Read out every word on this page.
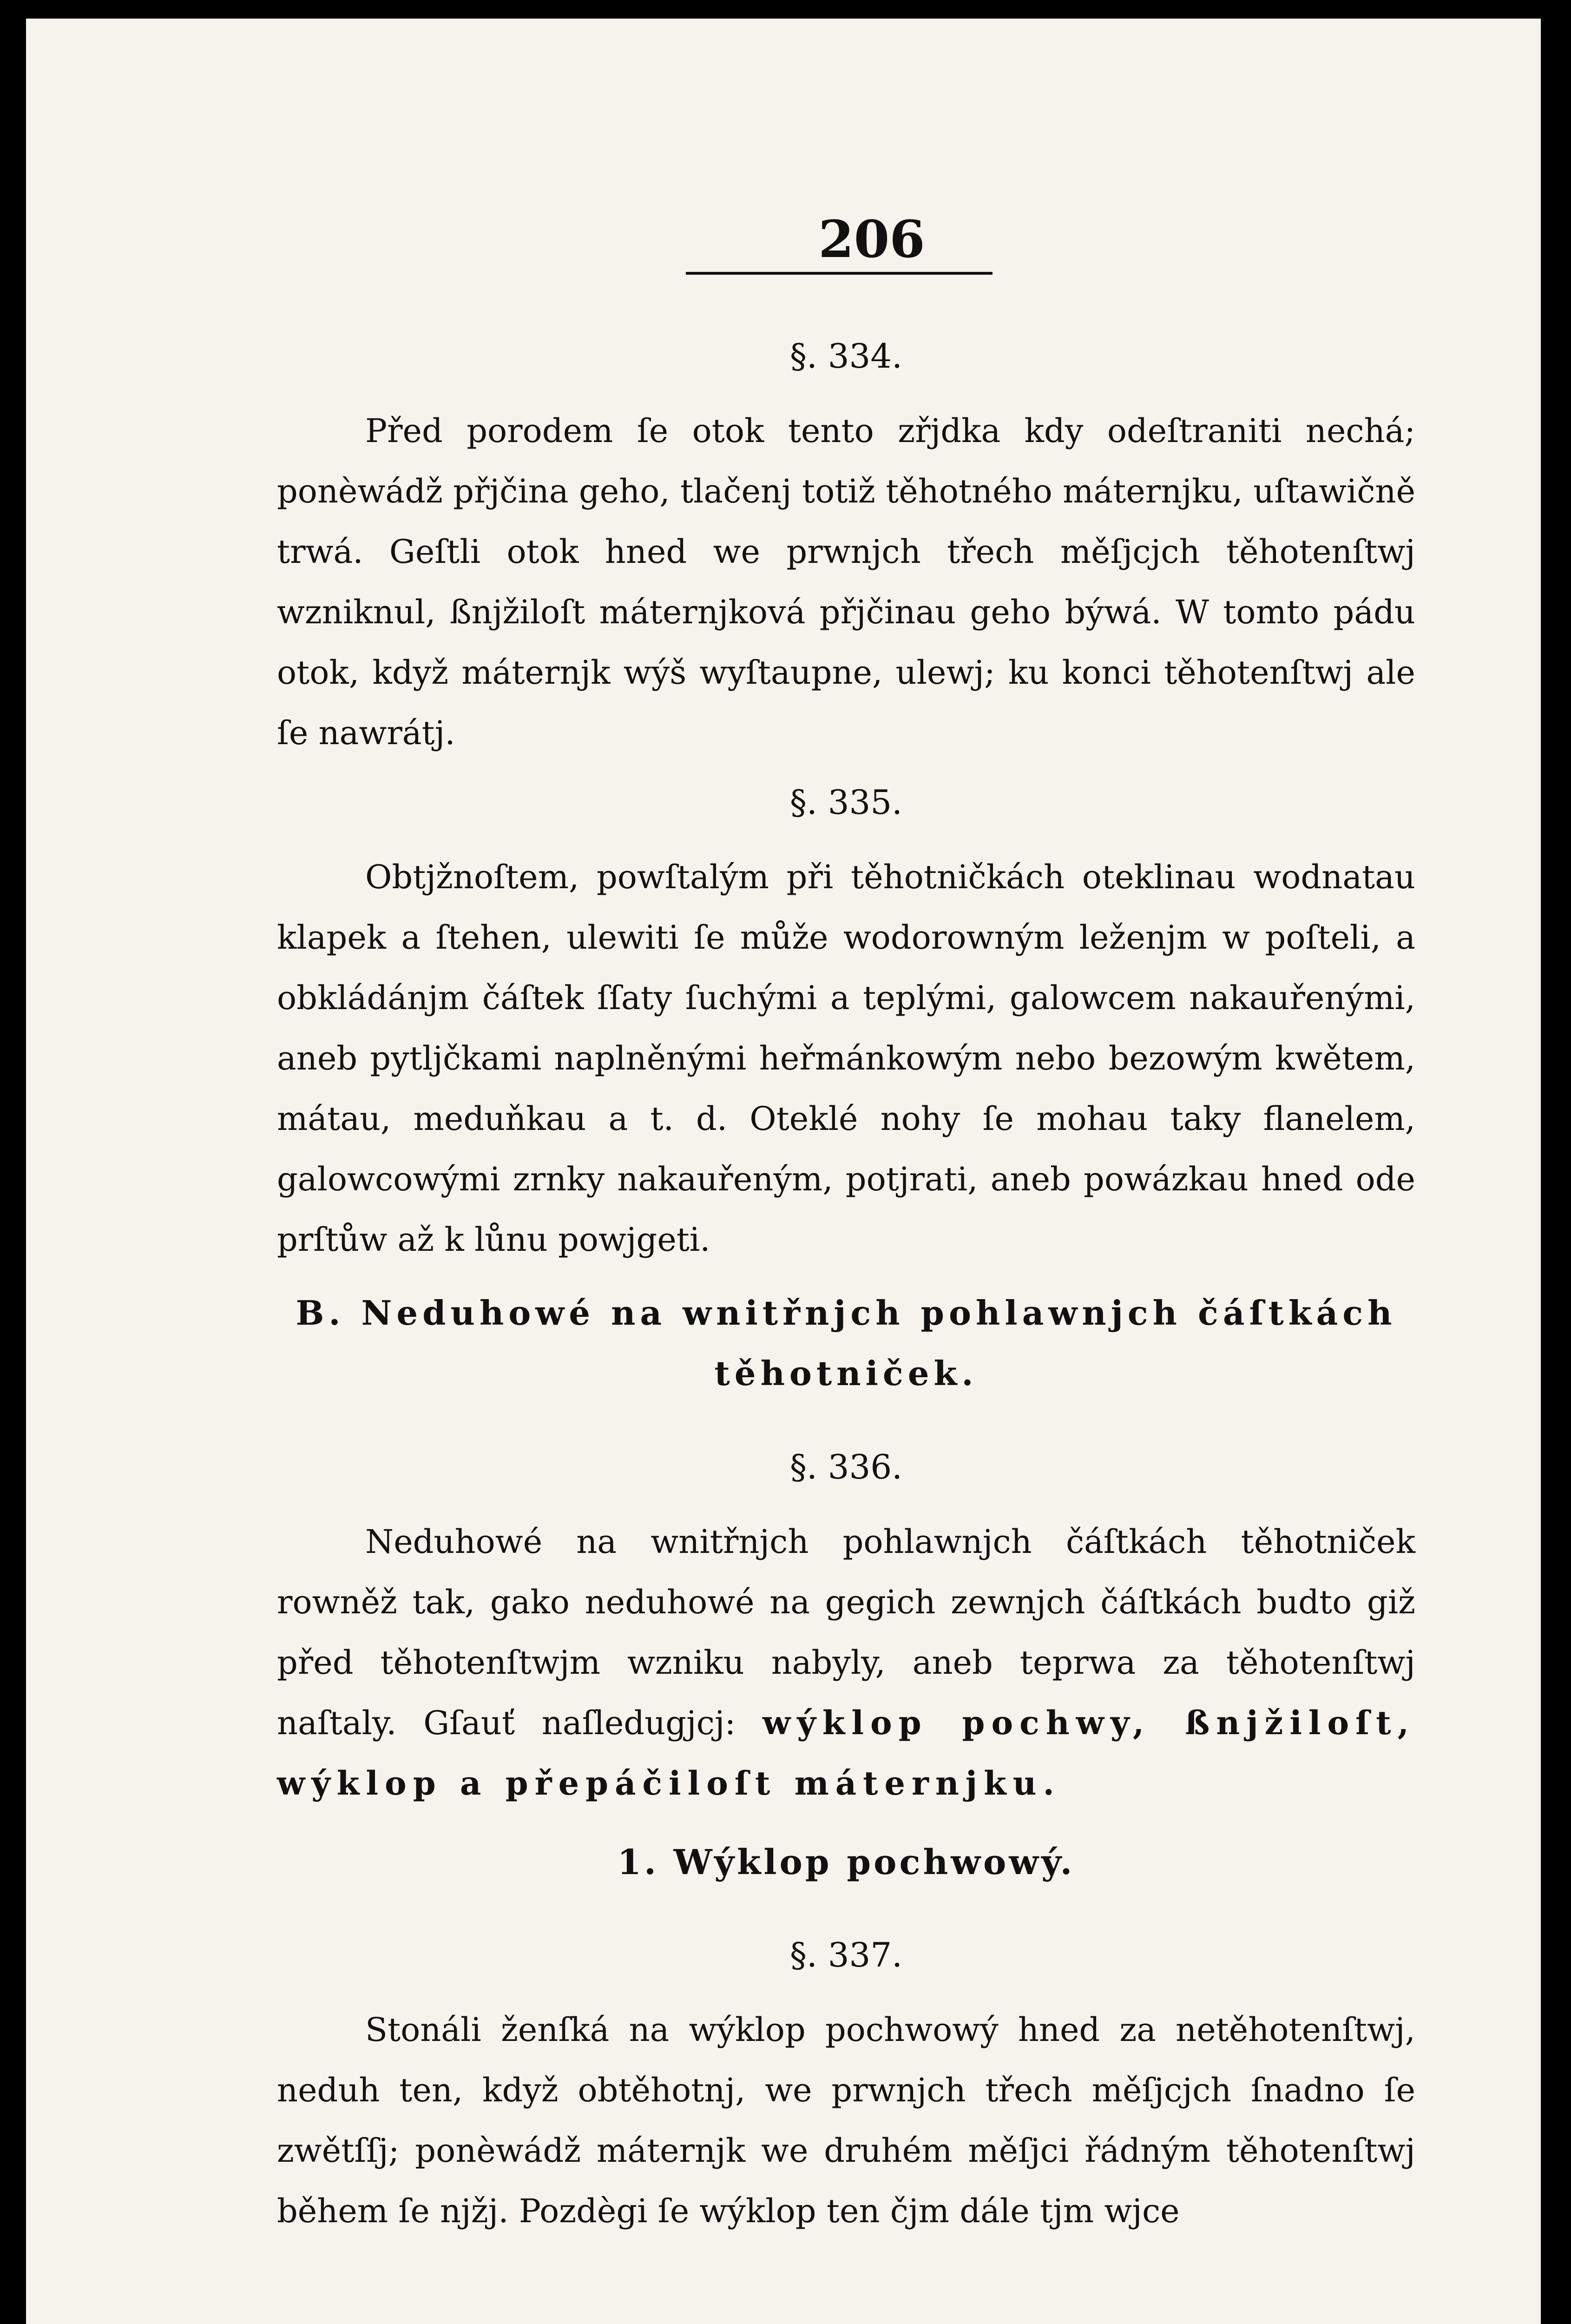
206
§. 334.

Před porodem ſe otok tento zřjdka kdy odeſtraniti nechá; ponèwádž přjčina geho, tlačenj totiž těhotného máternjku, uſtawičně trwá. Geſtli otok hned we prwnjch třech měſjcjch těhotenſtwj wzniknul, ßnjžiloſt máternjková přjčinau geho býwá. W tomto pádu otok, když máternjk wýš wyſtaupne, ulewj; ku konci těhotenſtwj ale ſe nawrátj.

§. 335.

Obtjžnoſtem, powſtalým při těhotničkách oteklinau wodnatau klapek a ſtehen, ulewiti ſe může wodorowným leženjm w poſteli, a obkládánjm čáſtek ſſaty ſuchými a teplými, galowcem nakauřenými, aneb pytljčkami naplněnými heřmánkowým nebo bezowým kwětem, mátau, meduňkau a t. d. Oteklé nohy ſe mohau taky flanelem, galowcowými zrnky nakauřeným, potjrati, aneb powázkau hned ode prſtůw až k lůnu powjgeti.

B. Neduhowé na wnitřnjch pohlawnjch čáſtkách
těhotniček.
§. 336.

Neduhowé na wnitřnjch pohlawnjch čáſtkách těhotniček rowněž tak, gako neduhowé na gegich zewnjch čáſtkách budto giž před těhotenſtwjm wzniku nabyly, aneb teprwa za těhotenſtwj naſtaly. Gſauť naſledugjcj: wýklop pochwy, ßnjžiloſt, wýklop a přepáčiloſt máternjku.

1. Wýklop pochwowý.
§. 337.

Stonáli ženſká na wýklop pochwowý hned za netěhotenſtwj, neduh ten, když obtěhotnj, we prwnjch třech měſjcjch ſnadno ſe zwětſſj; ponèwádž máternjk we druhém měſjci řádným těhotenſtwj během ſe njžj. Pozdègi ſe wýklop ten čjm dále tjm wjce
